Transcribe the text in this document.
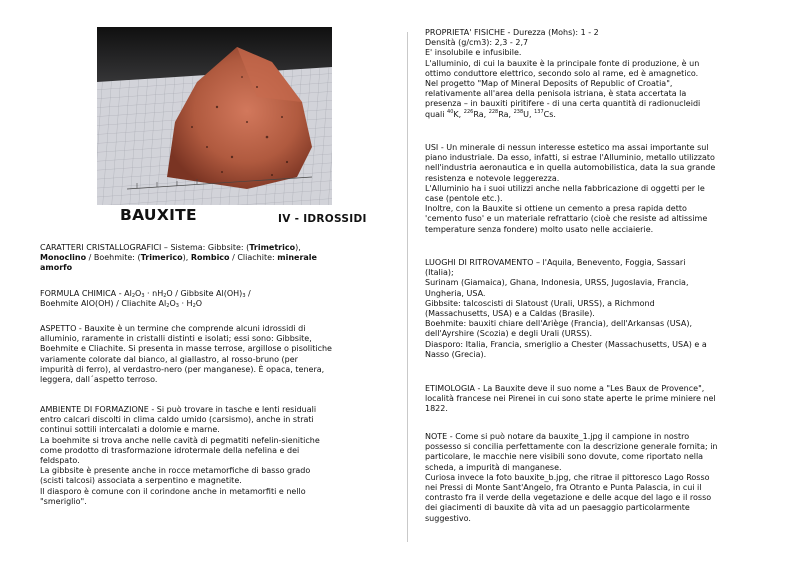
BAUXITE	IV - IDROSSIDI
CARATTERI CRISTALLOGRAFICI – Sistema: Gibbsite: (Trimetrico),
Monoclino / Boehmite: (Trimerico), Rombico / Cliachite: minerale
amorfo
FORMULA CHIMICA - $Al_2O_3 \cdot nH_2O$ / Gibbsite $Al(OH)_3$ /
Boehmite AlO(OH) / Cliachite $Al_2O_3 \cdot H_2O$
ASPETTO - Bauxite è un termine che comprende alcuni idrossidi di
alluminio, raramente in cristalli distinti e isolati; essi sono: Gibbsite,
Boehmite e Cliachite. Si presenta in masse terrose, argillose o pisolitiche
variamente colorate dal bianco, al giallastro, al rosso-bruno (per
impurità di ferro), al verdastro-nero (per manganese). È opaca, tenera,
leggera, dall´aspetto terroso.
AMBIENTE DI FORMAZIONE - Si può trovare in tasche e lenti residuali
entro calcari discolti in clima caldo umido (carsismo), anche in strati
continui sottili intercalati a dolomie e marne.
La boehmite si trova anche nelle cavità di pegmatiti nefelin-sienitiche
come prodotto di trasformazione idrotermale della nefelina e dei
feldspato.
La gibbsite è presente anche in rocce metamorfiche di basso grado
(scisti talcosi) associata a serpentino e magnetite.
Il diasporo è comune con il corindone anche in metamorfiti e nello
"smeriglio".
PROPRIETA' FISICHE - Durezza (Mohs): 1 - 2
Densità (g/cm3): 2,3 - 2,7
E' insolubile e infusibile.
L'alluminio, di cui la bauxite è la principale fonte di produzione, è un
ottimo conduttore elettrico, secondo solo al rame, ed è amagnetico.
Nel progetto "Map of Mineral Deposits of Republic of Croatia",
relativamente all'area della penisola istriana, è stata accertata la
presenza – in bauxiti piritifere - di una certa quantità di radionucleidi
quali $^{40}$K, $^{226}$Ra, $^{228}$Ra, $^{238}$U, $^{137}$Cs.
USI - Un minerale di nessun interesse estetico ma assai importante sul
piano industriale. Da esso, infatti, si estrae l'Alluminio, metallo utilizzato
nell'industria aeronautica e in quella automobilistica, data la sua grande
resistenza e notevole leggerezza.
L'Alluminio ha i suoi utilizzi anche nella fabbricazione di oggetti per le
case (pentole etc.).
Inoltre, con la Bauxite si ottiene un cemento a presa rapida detto
'cemento fuso' e un materiale refrattario (cioè che resiste ad altissime
temperature senza fondere) molto usato nelle acciaierie.
LUOGHI DI RITROVAMENTO – l'Aquila, Benevento, Foggia, Sassari
(Italia);
Surinam (Giamaica), Ghana, Indonesia, URSS, Jugoslavia, Francia,
Ungheria, USA.
Gibbsite: talcoscisti di Slatoust (Urali, URSS), a Richmond
(Massachusetts, USA) e a Caldas (Brasile).
Boehmite: bauxiti chiare dell'Ariège (Francia), dell'Arkansas (USA),
dell'Ayrshire (Scozia) e degli Urali (URSS).
Diasporo: Italia, Francia, smeriglio a Chester (Massachusetts, USA) e a
Nasso (Grecia).
ETIMOLOGIA - La Bauxite deve il suo nome a "Les Baux de Provence",
località francese nei Pirenei in cui sono state aperte le prime miniere nel
1822.
NOTE - Come si può notare da bauxite_1.jpg il campione in nostro
possesso si concilia perfettamente con la descrizione generale fornita; in
particolare, le macchie nere visibili sono dovute, come riportato nella
scheda, a impurità di manganese.
Curiosa invece la foto bauxite_b.jpg, che ritrae il pittoresco Lago Rosso
nei Pressi di Monte Sant'Angelo, fra Otranto e Punta Palascia, in cui il
contrasto fra il verde della vegetazione e delle acque del lago e il rosso
dei giacimenti di bauxite dà vita ad un paesaggio particolarmente
suggestivo.
